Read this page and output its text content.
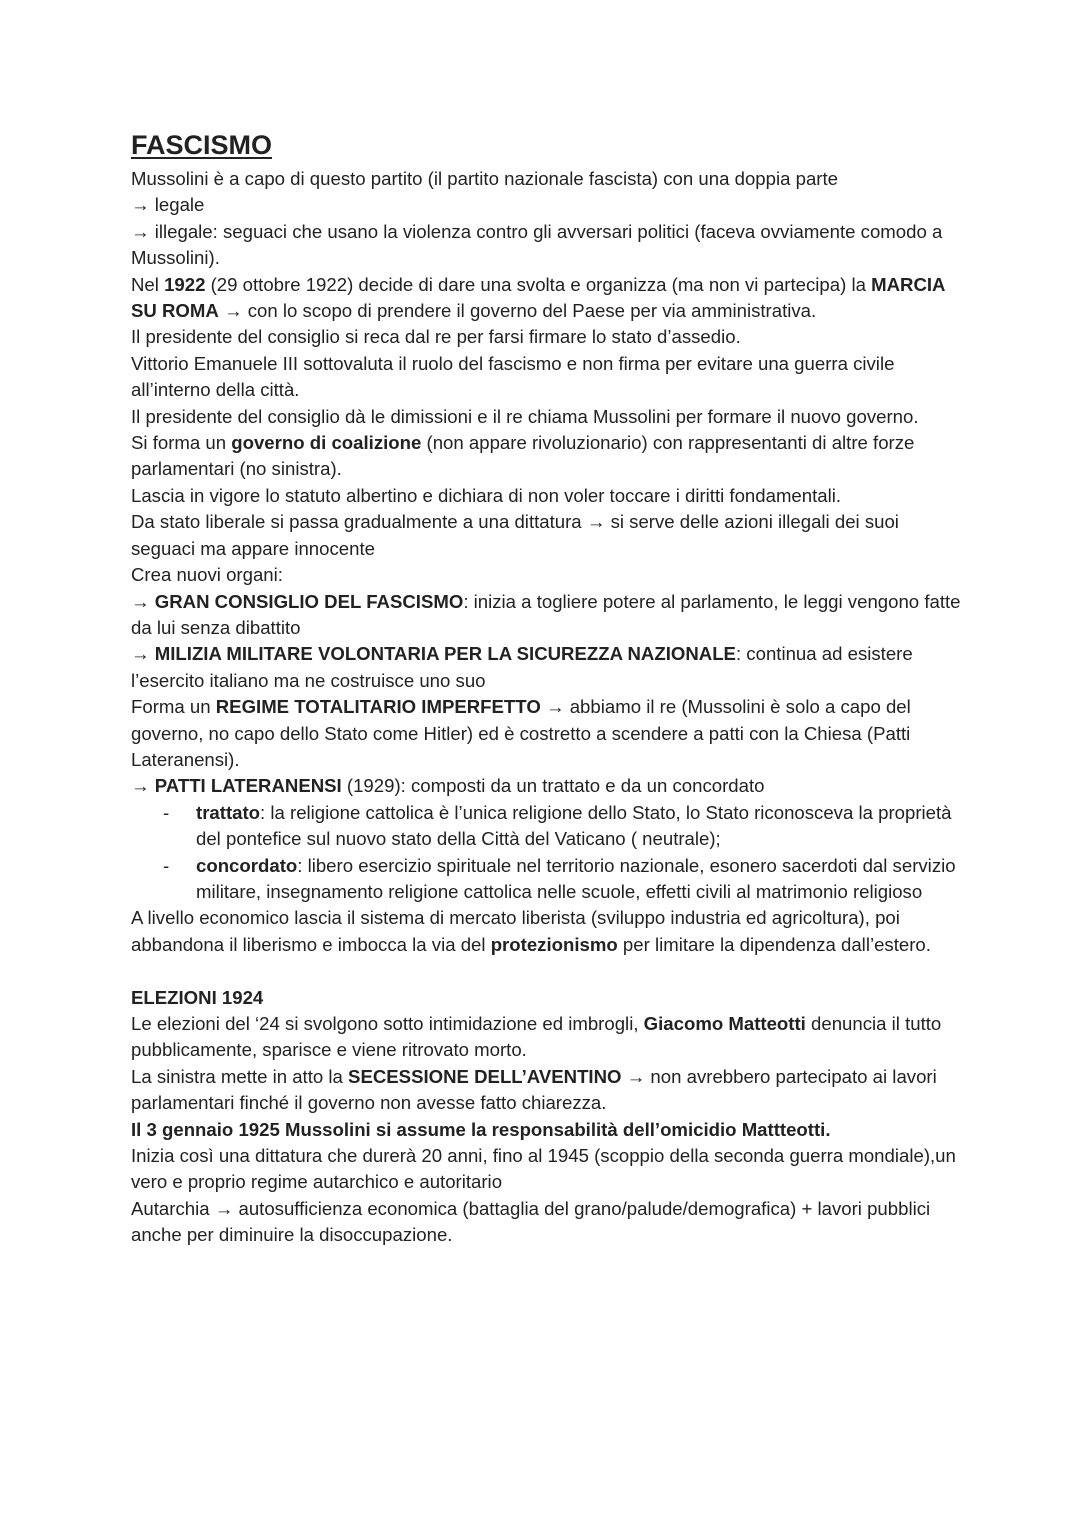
FASCISMO

Mussolini è a capo di questo partito (il partito nazionale fascista) con una doppia parte

→ legale

→ illegale: seguaci che usano la violenza contro gli avversari politici (faceva ovviamente comodo a Mussolini).

Nel 1922 (29 ottobre 1922) decide di dare una svolta e organizza (ma non vi partecipa) la MARCIA SU ROMA → con lo scopo di prendere il governo del Paese per via amministrativa.

Il presidente del consiglio si reca dal re per farsi firmare lo stato d’assedio.

Vittorio Emanuele III sottovaluta il ruolo del fascismo e non firma per evitare una guerra civile all’interno della città.

Il presidente del consiglio dà le dimissioni e il re chiama Mussolini per formare il nuovo governo.

Si forma un governo di coalizione (non appare rivoluzionario) con rappresentanti di altre forze parlamentari (no sinistra).

Lascia in vigore lo statuto albertino e dichiara di non voler toccare i diritti fondamentali.

Da stato liberale si passa gradualmente a una dittatura → si serve delle azioni illegali dei suoi seguaci ma appare innocente

Crea nuovi organi:

→ GRAN CONSIGLIO DEL FASCISMO: inizia a togliere potere al parlamento, le leggi vengono fatte da lui senza dibattito

→ MILIZIA MILITARE VOLONTARIA PER LA SICUREZZA NAZIONALE: continua ad esistere l’esercito italiano ma ne costruisce uno suo

Forma un REGIME TOTALITARIO IMPERFETTO → abbiamo il re (Mussolini è solo a capo del governo, no capo dello Stato come Hitler) ed è costretto a scendere a patti con la Chiesa (Patti Lateranensi).

→ PATTI LATERANENSI (1929): composti da un trattato e da un concordato

- trattato: la religione cattolica è l’unica religione dello Stato, lo Stato riconosceva la proprietà del pontefice sul nuovo stato della Città del Vaticano ( neutrale);
- concordato: libero esercizio spirituale nel territorio nazionale, esonero sacerdoti dal servizio militare, insegnamento religione cattolica nelle scuole, effetti civili al matrimonio religioso

A livello economico lascia il sistema di mercato liberista (sviluppo industria ed agricoltura), poi abbandona il liberismo e imbocca la via del protezionismo per limitare la dipendenza dall’estero.

ELEZIONI 1924

Le elezioni del ‘24 si svolgono sotto intimidazione ed imbrogli, Giacomo Matteotti denuncia il tutto pubblicamente, sparisce e viene ritrovato morto.

La sinistra mette in atto la SECESSIONE DELL’AVENTINO → non avrebbero partecipato ai lavori parlamentari finché il governo non avesse fatto chiarezza.

Il 3 gennaio 1925 Mussolini si assume la responsabilità dell’omicidio Mattteotti.

Inizia così una dittatura che durerà 20 anni, fino al 1945 (scoppio della seconda guerra mondiale),un vero e proprio regime autarchico e autoritario

Autarchia → autosufficienza economica (battaglia del grano/palude/demografica) + lavori pubblici anche per diminuire la disoccupazione.
